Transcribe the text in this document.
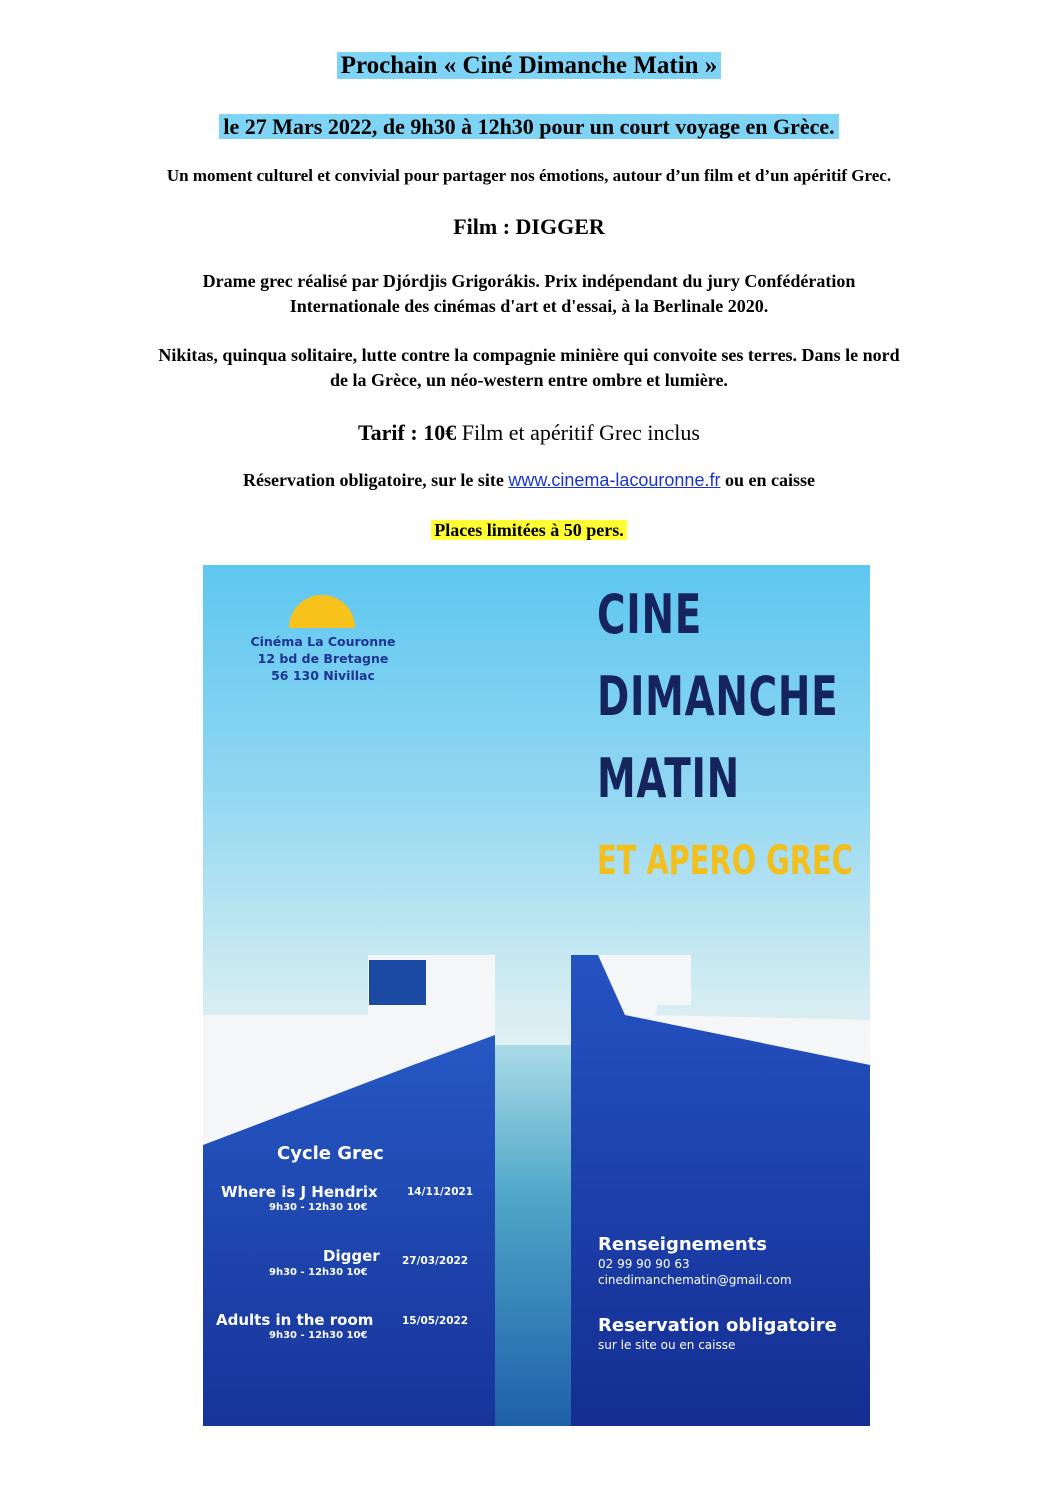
Prochain « Ciné Dimanche Matin »
le 27 Mars 2022, de 9h30 à 12h30 pour un court voyage en Grèce.
Un moment culturel et convivial pour partager nos émotions, autour d’un film et d’un apéritif Grec.
Film : DIGGER
Drame grec réalisé par Djórdjis Grigorákis. Prix indépendant du jury Confédération
Internationale des cinémas d'art et d'essai, à la Berlinale 2020.
Nikitas, quinqua solitaire, lutte contre la compagnie minière qui convoite ses terres. Dans le nord
de la Grèce, un néo-western entre ombre et lumière.
Tarif : 10€ Film et apéritif Grec inclus
Réservation obligatoire, sur le site www.cinema-lacouronne.fr ou en caisse
Places limitées à 50 pers.
Cinéma La Couronne
12 bd de Bretagne
56 130 Nivillac
CINE
DIMANCHE
MATIN
ET APERO GREC
Cycle Grec
Where is J Hendrix
9h30 - 12h30 10€
14/11/2021
Digger
9h30 - 12h30 10€
27/03/2022
Adults in the room
9h30 - 12h30 10€
15/05/2022
Renseignements
02 99 90 90 63
cinedimanchematin@gmail.com
Reservation obligatoire
sur le site ou en caisse
